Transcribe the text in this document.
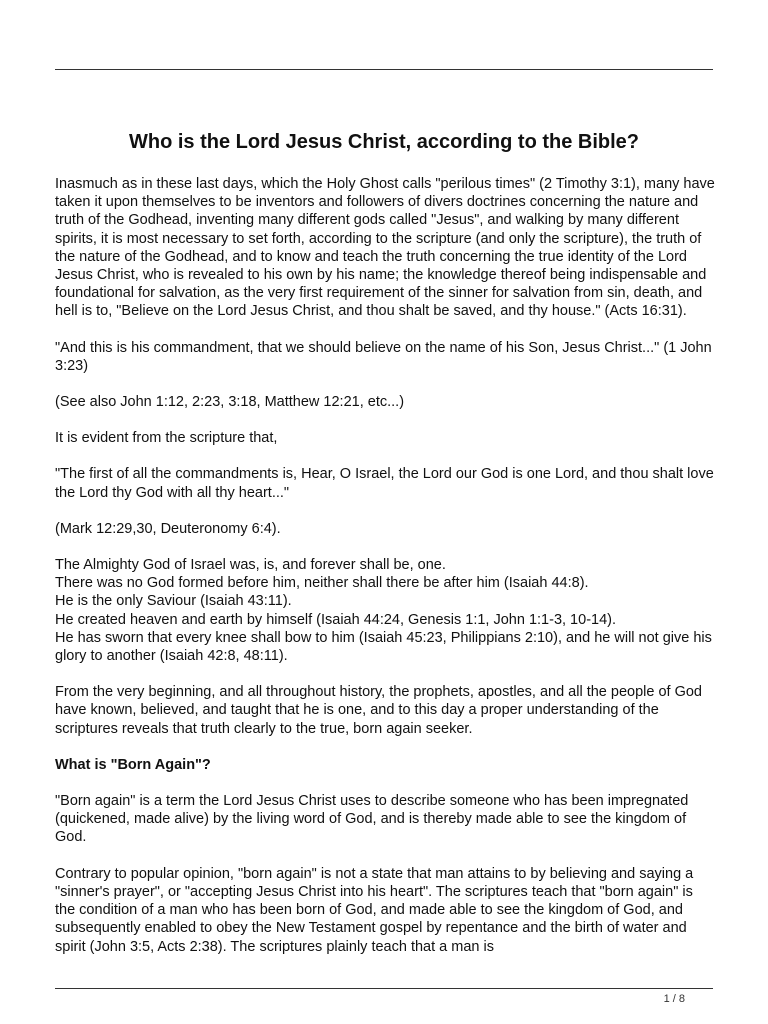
Who is the Lord Jesus Christ, according to the Bible?

Inasmuch as in these last days, which the Holy Ghost calls "perilous times" (2 Timothy 3:1), many have taken it upon themselves to be inventors and followers of divers doctrines concerning the nature and truth of the Godhead, inventing many different gods called "Jesus", and walking by many different spirits, it is most necessary to set forth, according to the scripture (and only the scripture), the truth of the nature of the Godhead, and to know and teach the truth concerning the true identity of the Lord Jesus Christ, who is revealed to his own by his name; the knowledge thereof being indispensable and foundational for salvation, as the very first requirement of the sinner for salvation from sin, death, and hell is to, "Believe on the Lord Jesus Christ, and thou shalt be saved, and thy house." (Acts 16:31).

"And this is his commandment, that we should believe on the name of his Son, Jesus Christ..." (1 John 3:23)

(See also John 1:12, 2:23, 3:18, Matthew 12:21, etc...)

It is evident from the scripture that,

"The first of all the commandments is, Hear, O Israel, the Lord our God is one Lord, and thou shalt love the Lord thy God with all thy heart..."

(Mark 12:29,30, Deuteronomy 6:4).

The Almighty God of Israel was, is, and forever shall be, one.
There was no God formed before him, neither shall there be after him (Isaiah 44:8).
He is the only Saviour (Isaiah 43:11).
He created heaven and earth by himself (Isaiah 44:24, Genesis 1:1, John 1:1-3, 10-14).
He has sworn that every knee shall bow to him (Isaiah 45:23, Philippians 2:10), and he will not give his glory to another (Isaiah 42:8, 48:11).

From the very beginning, and all throughout history, the prophets, apostles, and all the people of God have known, believed, and taught that he is one, and to this day a proper understanding of the scriptures reveals that truth clearly to the true, born again seeker.

What is "Born Again"?

"Born again" is a term the Lord Jesus Christ uses to describe someone who has been impregnated (quickened, made alive) by the living word of God, and is thereby made able to see the kingdom of God.

Contrary to popular opinion, "born again" is not a state that man attains to by believing and saying a "sinner's prayer", or "accepting Jesus Christ into his heart". The scriptures teach that "born again" is the condition of a man who has been born of God, and made able to see the kingdom of God, and subsequently enabled to obey the New Testament gospel by repentance and the birth of water and spirit (John 3:5, Acts 2:38). The scriptures plainly teach that a man is

1 / 8
